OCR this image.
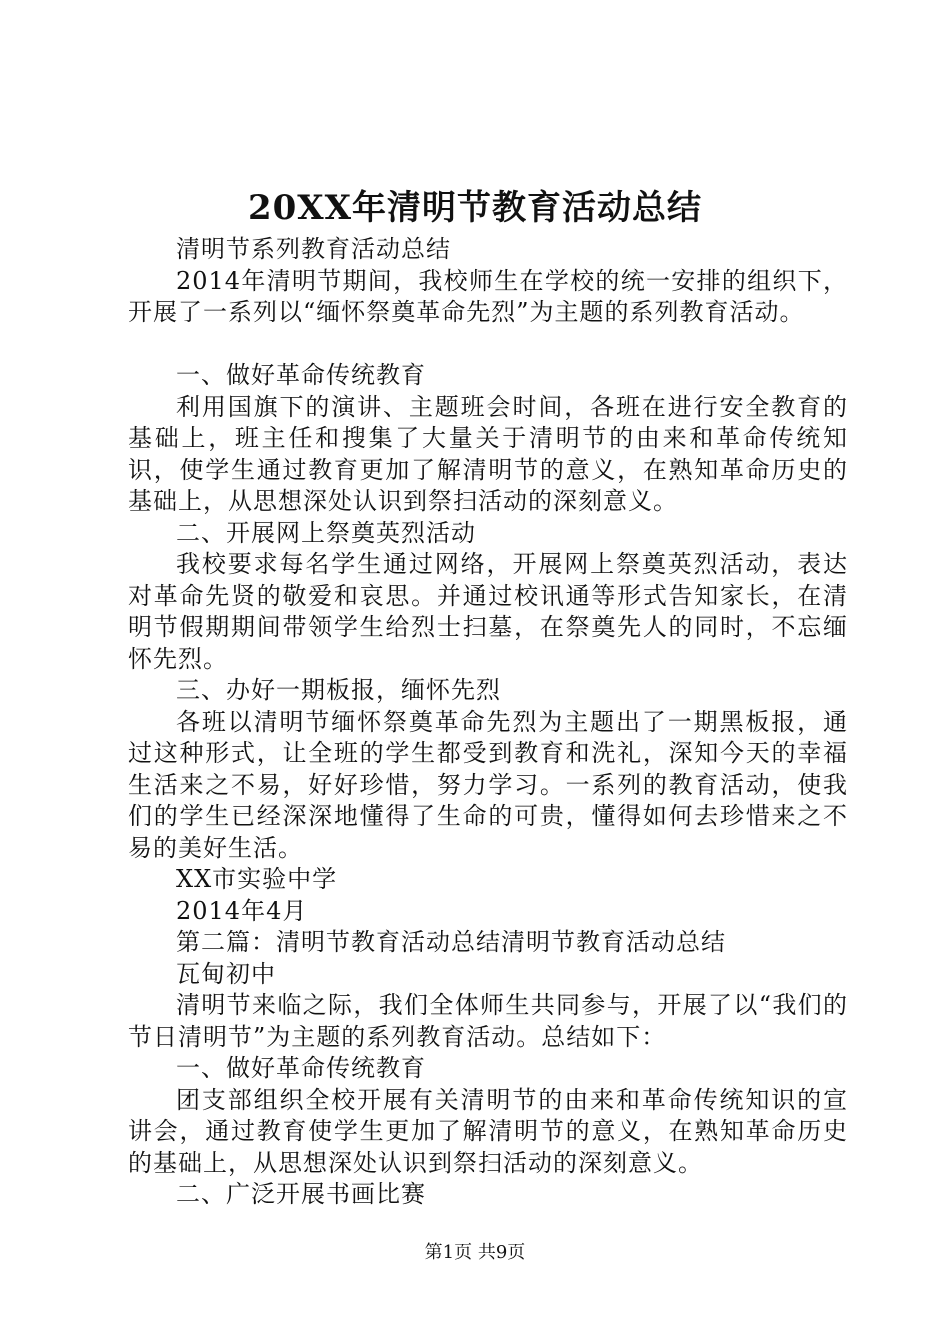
20XX年清明节教育活动总结

清明节系列教育活动总结

2014年清明节期间，我校师生在学校的统一安排的组织下，开展了一系列以“缅怀祭奠革命先烈”为主题的系列教育活动。

一、做好革命传统教育

利用国旗下的演讲、主题班会时间，各班在进行安全教育的基础上，班主任和搜集了大量关于清明节的由来和革命传统知识，使学生通过教育更加了解清明节的意义，在熟知革命历史的基础上，从思想深处认识到祭扫活动的深刻意义。

二、开展网上祭奠英烈活动

我校要求每名学生通过网络，开展网上祭奠英烈活动，表达对革命先贤的敬爱和哀思。并通过校讯通等形式告知家长，在清明节假期期间带领学生给烈士扫墓，在祭奠先人的同时，不忘缅怀先烈。

三、办好一期板报，缅怀先烈

各班以清明节缅怀祭奠革命先烈为主题出了一期黑板报，通过这种形式，让全班的学生都受到教育和洗礼，深知今天的幸福生活来之不易，好好珍惜，努力学习。一系列的教育活动，使我们的学生已经深深地懂得了生命的可贵，懂得如何去珍惜来之不易的美好生活。

XX市实验中学

2014年4月

第二篇：清明节教育活动总结清明节教育活动总结

瓦甸初中

清明节来临之际，我们全体师生共同参与，开展了以“我们的节日清明节”为主题的系列教育活动。总结如下：

一、做好革命传统教育

团支部组织全校开展有关清明节的由来和革命传统知识的宣讲会，通过教育使学生更加了解清明节的意义，在熟知革命历史的基础上，从思想深处认识到祭扫活动的深刻意义。

二、广泛开展书画比赛

第1页 共9页
